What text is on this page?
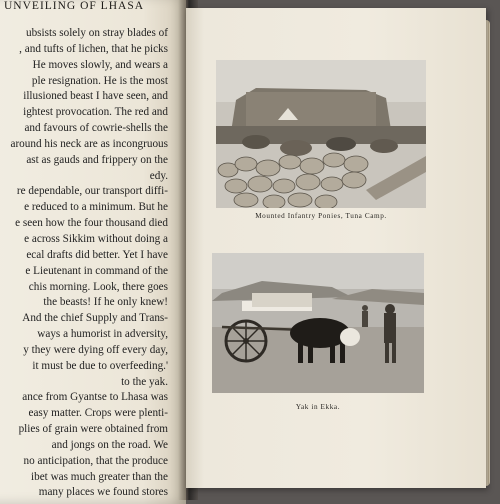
UNVEILING OF LHASA
ubsists solely on stray blades of
, and tufts of lichen, that he picks
He moves slowly, and wears a
ple resignation. He is the most
illusioned beast I have seen, and
ightest provocation. The red and
and favours of cowrie-shells the
around his neck are as incongruous
ast as gauds and frippery on the
edy.
re dependable, our transport diffi-
e reduced to a minimum. But he
e seen how the four thousand died
e across Sikkim without doing a
ecal drafts did better. Yet I have
e Lieutenant in command of the
chis morning. Look, there goes
the beasts! If he only knew!
And the chief Supply and Trans-
ways a humorist in adversity,
y they were dying off every day,
it must be due to overfeeding.'
to the yak.
ance from Gyantse to Lhasa was
easy matter. Crops were plenti-
plies of grain were obtained from
and jongs on the road. We
no anticipation, that the produce
ibet was much greater than the
many places we found stores
Mounted Infantry Ponies, Tuna Camp.
Yak in Ekka.
